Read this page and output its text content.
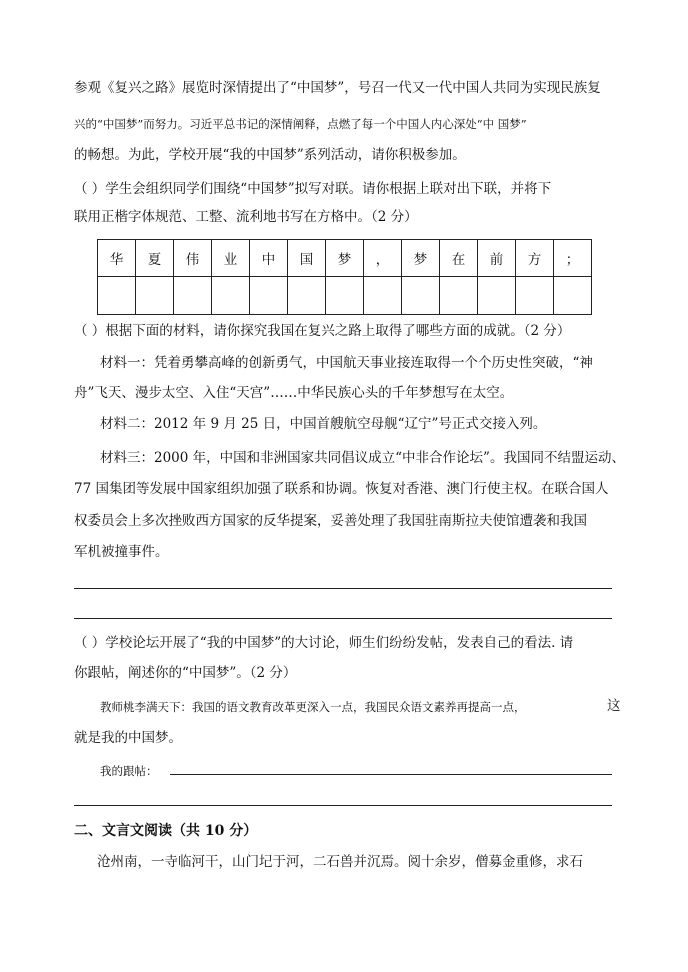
参观《复兴之路》展览时深情提出了“中国梦”，号召一代又一代中国人共同为实现民族复
兴的“中国梦”而努力。习近平总书记的深情阐释，点燃了每一个中国人内心深处“中 国梦”
的畅想。为此，学校开展“我的中国梦”系列活动，请你积极参加。
（ ）学生会组织同学们围绕“中国梦”拟写对联。请你根据上联对出下联，并将下
联用正楷字体规范、工整、流利地书写在方格中。（2 分）
华	夏	伟	业	中	国	梦	，	梦	在	前	方	；

（ ）根据下面的材料，请你探究我国在复兴之路上取得了哪些方面的成就。（2 分）
材料一：凭着勇攀高峰的创新勇气，中国航天事业接连取得一个个历史性突破，“神
舟”飞天、漫步太空、入住“天宫”……中华民族心头的千年梦想写在太空。
材料二：2012 年 9 月 25 日，中国首艘航空母舰“辽宁”号正式交接入列。
材料三：2000 年，中国和非洲国家共同倡议成立“中非合作论坛”。我国同不结盟运动、
77 国集团等发展中国家组织加强了联系和协调。恢复对香港、澳门行使主权。在联合国人
权委员会上多次挫败西方国家的反华提案，妥善处理了我国驻南斯拉夫使馆遭袭和我国
军机被撞事件。
（ ）学校论坛开展了“我的中国梦”的大讨论，师生们纷纷发帖，发表自己的看法. 请
你跟帖，阐述你的“中国梦”。（2 分）
教师桃李满天下：我国的语文教育改革更深入一点，我国民众语文素养再提高一点，	这
就是我的中国梦。
我的跟帖：
二、文言文阅读（共 10 分）
沧州南，一寺临河干，山门圮于河，二石兽并沉焉。阅十余岁，僧募金重修，求石
